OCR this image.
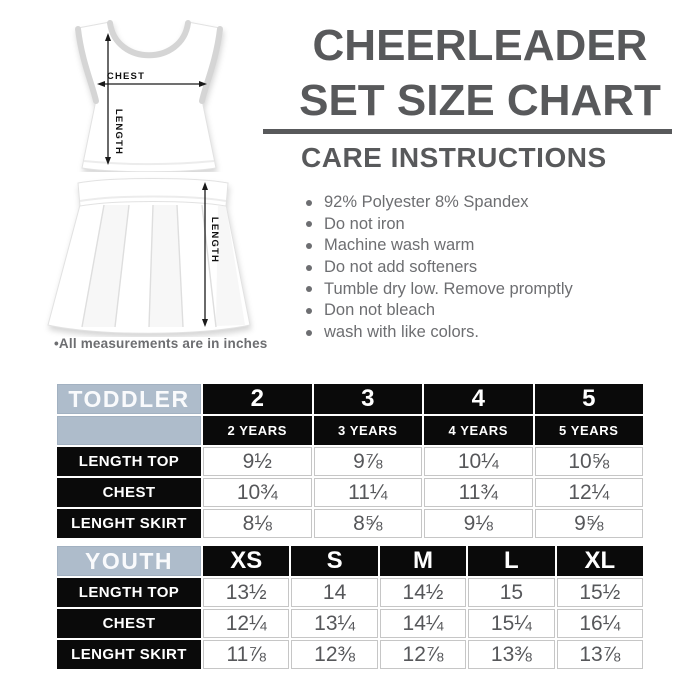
CHEST
LENGTH
LENGTH
•All measurements are in inches
CHEERLEADER
SET SIZE CHART
CARE INSTRUCTIONS
92% Polyester 8% Spandex
Do not iron
Machine wash warm
Do not add softeners
Tumble dry low. Remove promptly
Don not bleach
wash with like colors.
TODDLER	2	3	4	5
	2 YEARS	3 YEARS	4 YEARS	5 YEARS
LENGTH TOP	9½	9⅞	10¼	10⅝
CHEST	10¾	11¼	11¾	12¼
LENGHT SKIRT	8⅛	8⅝	9⅛	9⅝
YOUTH	XS	S	M	L	XL
LENGTH TOP	13½	14	14½	15	15½
CHEST	12¼	13¼	14¼	15¼	16¼
LENGHT SKIRT	11⅞	12⅜	12⅞	13⅜	13⅞
